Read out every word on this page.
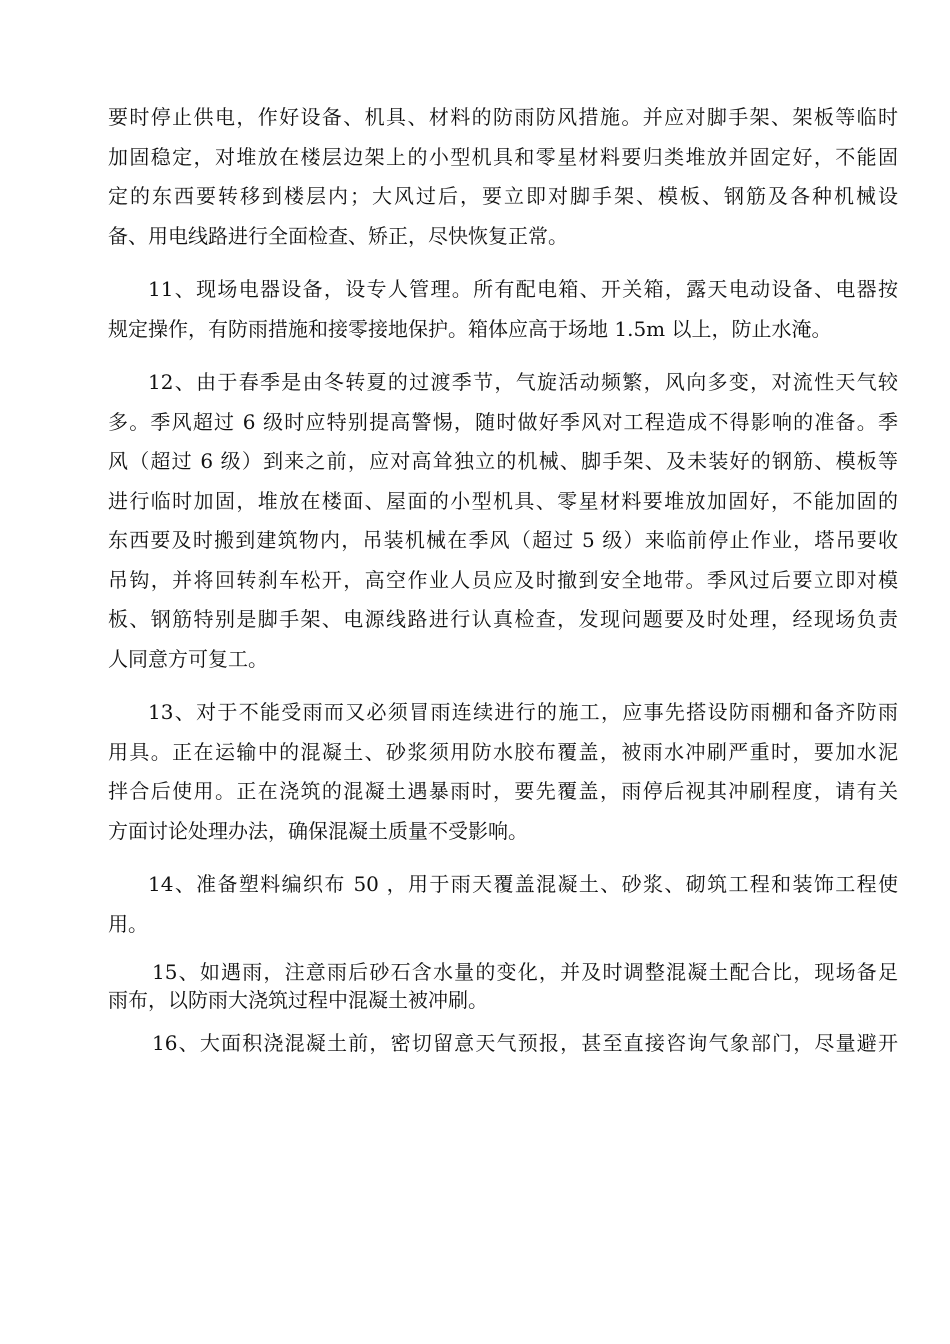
要时停止供电，作好设备、机具、材料的防雨防风措施。并应对脚手架、架板等临时
加固稳定，对堆放在楼层边架上的小型机具和零星材料要归类堆放并固定好，不能固
定的东西要转移到楼层内；大风过后，要立即对脚手架、模板、钢筋及各种机械设
备、用电线路进行全面检查、矫正，尽快恢复正常。
11、现场电器设备，设专人管理。所有配电箱、开关箱，露天电动设备、电器按
规定操作，有防雨措施和接零接地保护。箱体应高于场地 1.5m 以上，防止水淹。
12、由于春季是由冬转夏的过渡季节，气旋活动频繁，风向多变，对流性天气较
多。季风超过 6 级时应特别提高警惕，随时做好季风对工程造成不得影响的准备。季
风（超过 6 级）到来之前，应对高耸独立的机械、脚手架、及未装好的钢筋、模板等
进行临时加固，堆放在楼面、屋面的小型机具、零星材料要堆放加固好，不能加固的
东西要及时搬到建筑物内，吊装机械在季风（超过 5 级）来临前停止作业，塔吊要收
吊钩，并将回转刹车松开，高空作业人员应及时撤到安全地带。季风过后要立即对模
板、钢筋特别是脚手架、电源线路进行认真检查，发现问题要及时处理，经现场负责
人同意方可复工。
13、对于不能受雨而又必须冒雨连续进行的施工，应事先搭设防雨棚和备齐防雨
用具。正在运输中的混凝土、砂浆须用防水胶布覆盖，被雨水冲刷严重时，要加水泥
拌合后使用。正在浇筑的混凝土遇暴雨时，要先覆盖，雨停后视其冲刷程度，请有关
方面讨论处理办法，确保混凝土质量不受影响。
14、准备塑料编织布 50 ，用于雨天覆盖混凝土、砂浆、砌筑工程和装饰工程使
用。
15、如遇雨，注意雨后砂石含水量的变化，并及时调整混凝土配合比，现场备足
雨布，以防雨大浇筑过程中混凝土被冲刷。
16、大面积浇混凝土前，密切留意天气预报，甚至直接咨询气象部门，尽量避开
